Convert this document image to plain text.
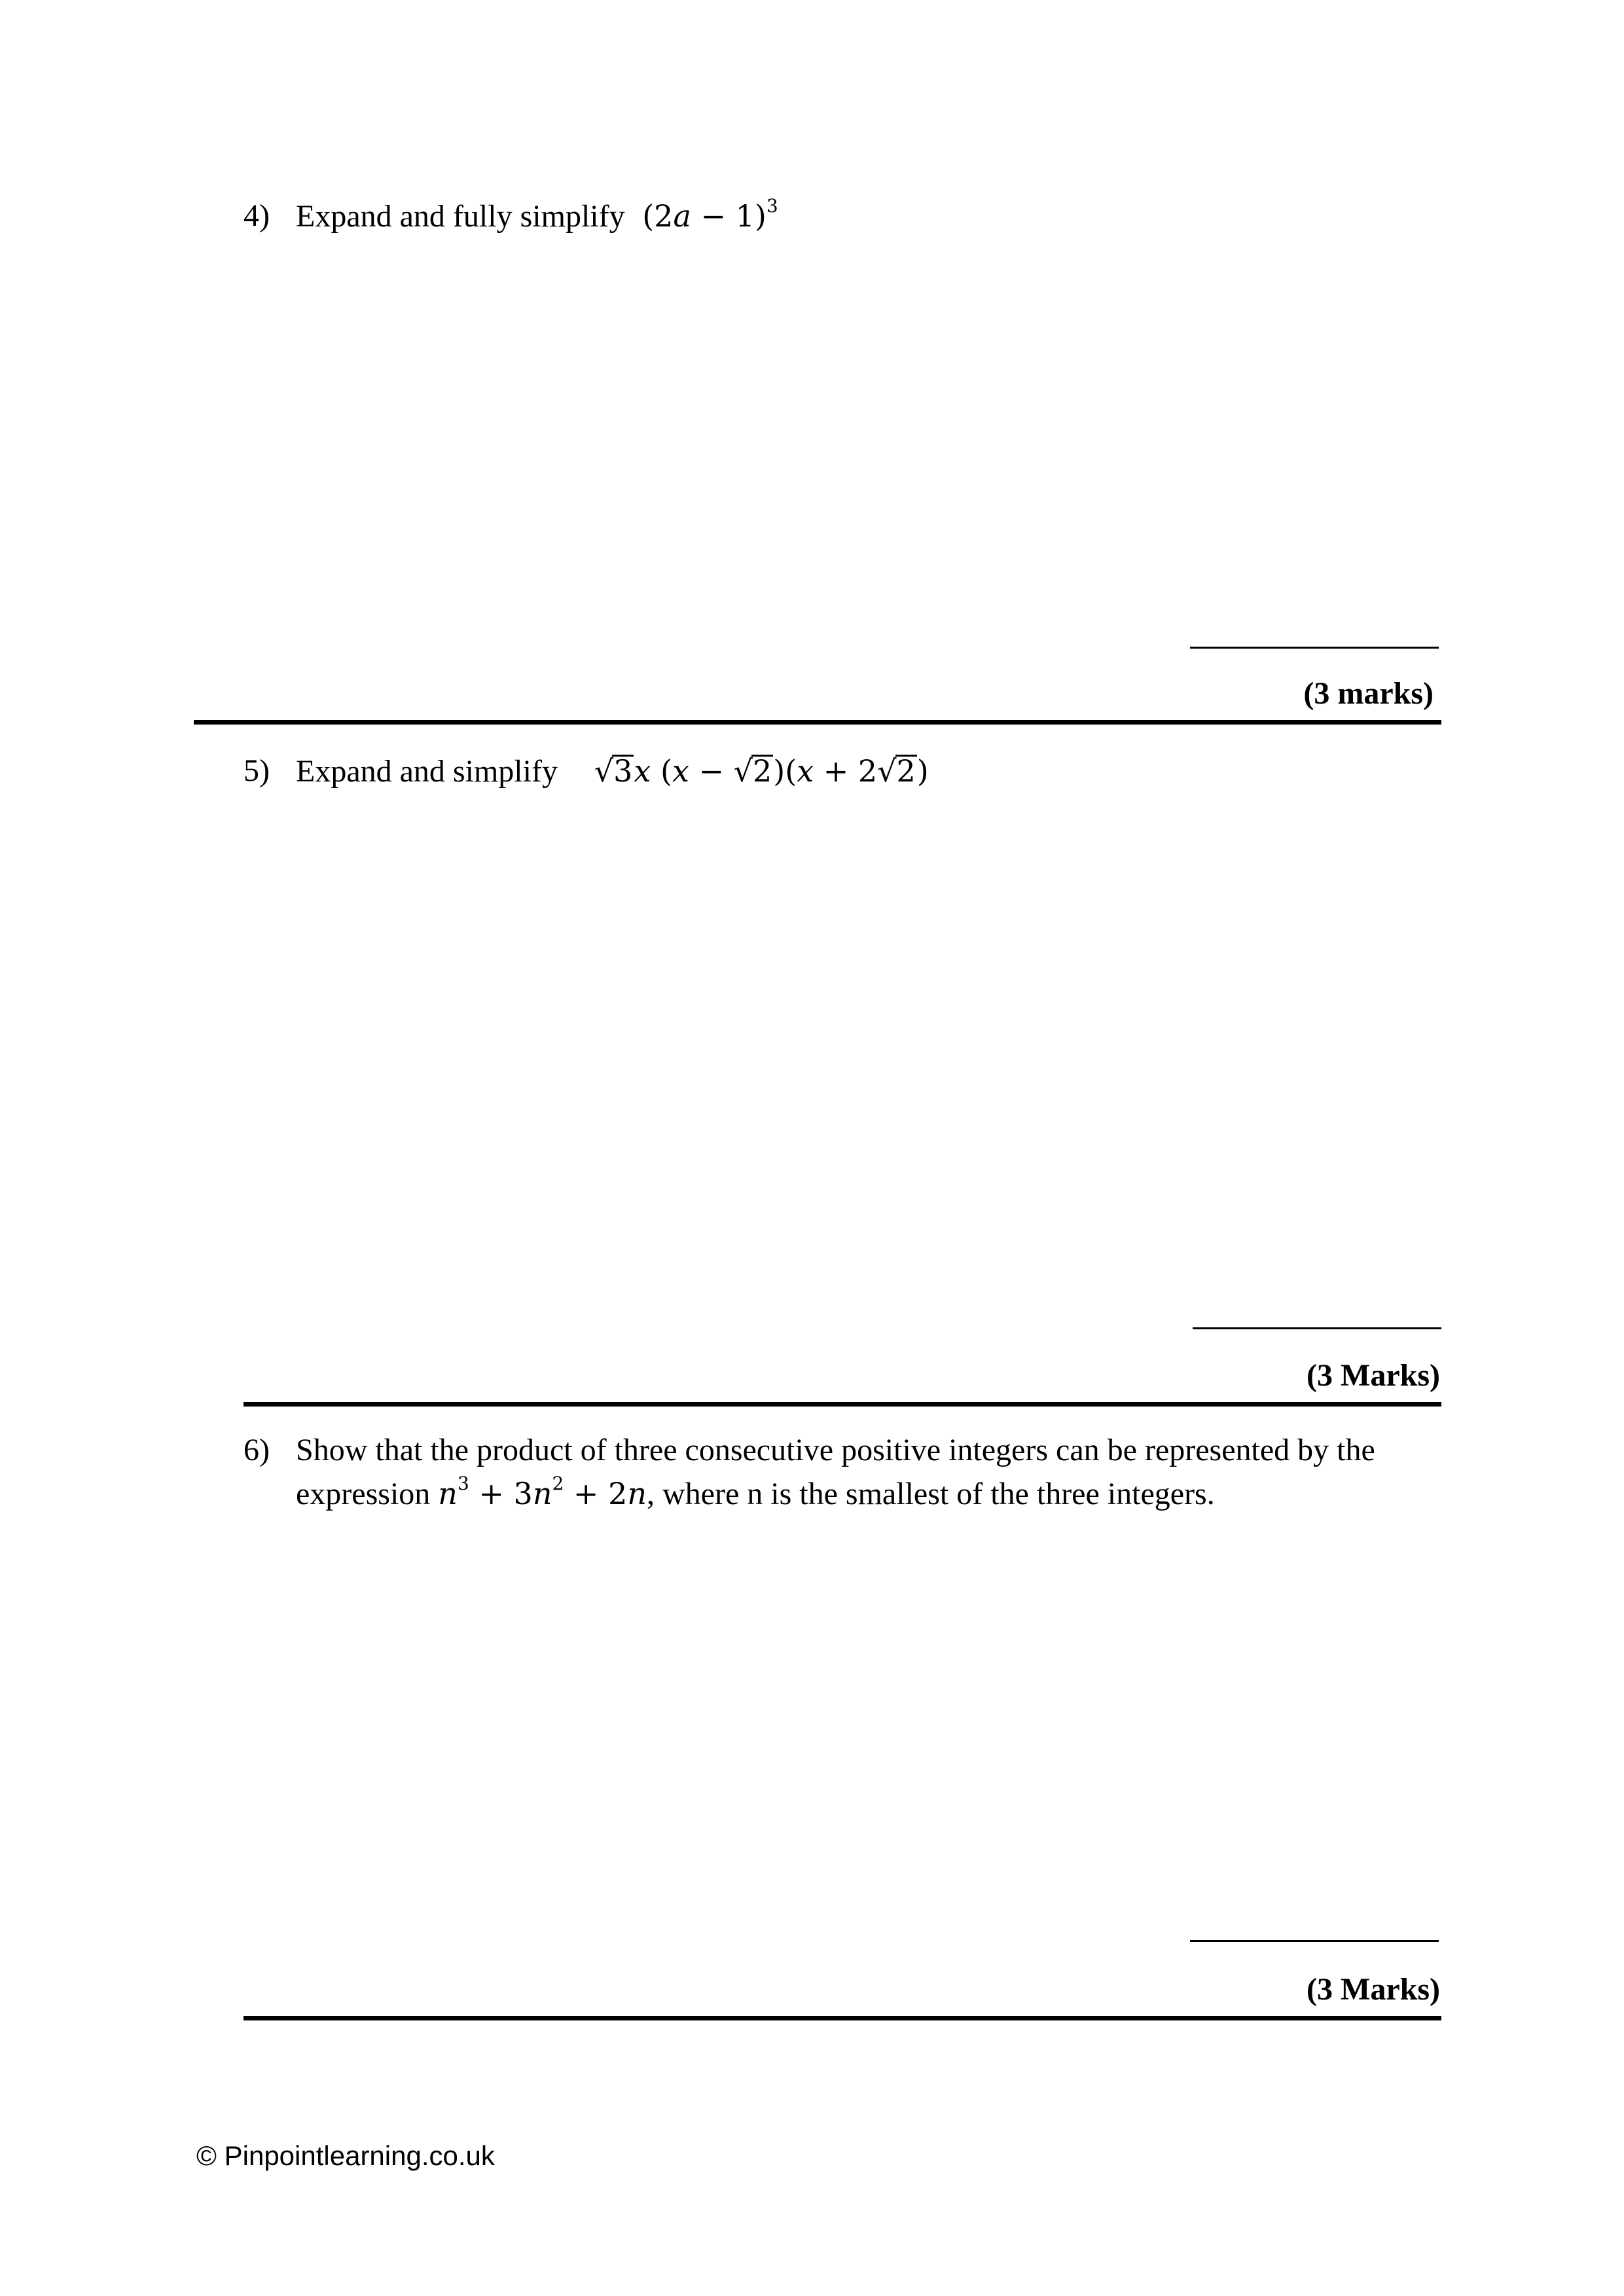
4) Expand and fully simplify  $(2a - 1)^3$
(3 marks)
5) Expand and simplify √3x (x − √2)(x + 2√2)
(3 Marks)
6) Show that the product of three consecutive positive integers can be represented by the
expression $n^3 + 3n^2 + 2n$, where n is the smallest of the three integers.
(3 Marks)
© Pinpointlearning.co.uk
